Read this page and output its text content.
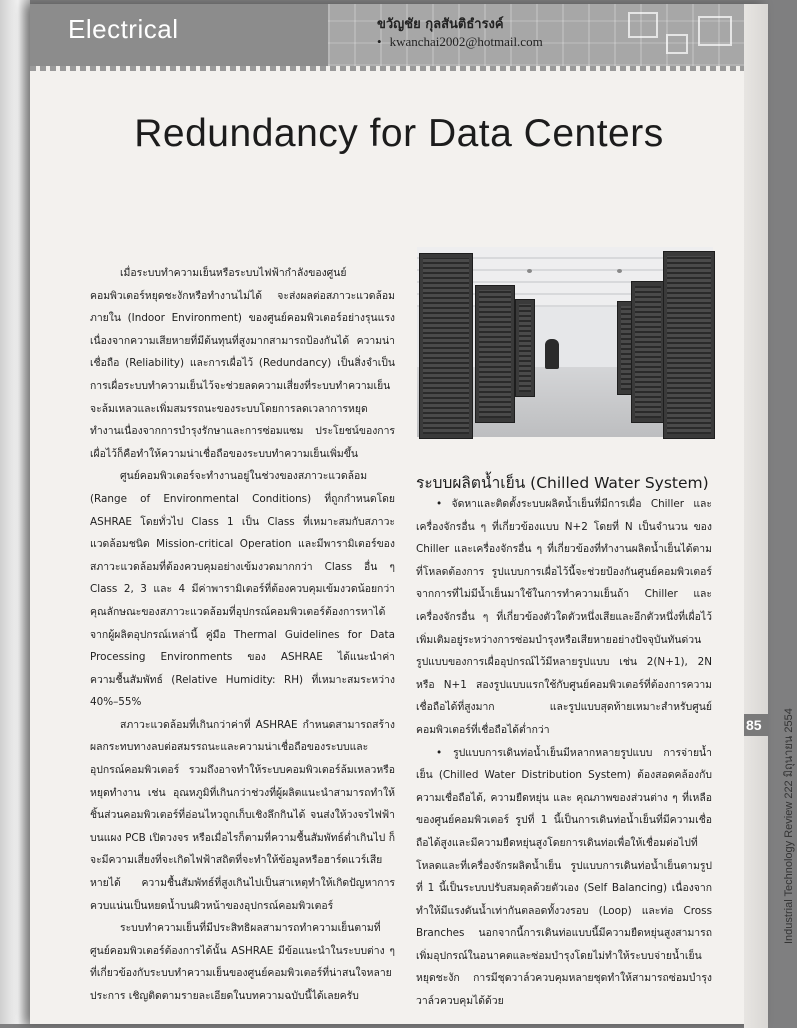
Electrical	ขวัญชัย กุลสันติธำรงค์
• kwanchai2002@hotmail.com
Redundancy for Data Centers

เมื่อระบบทำความเย็นหรือระบบไฟฟ้ากำลังของศูนย์คอมพิวเตอร์หยุดชะงักหรือทำงานไม่ได้ จะส่งผลต่อสภาวะแวดล้อมภายใน (Indoor Environment) ของศูนย์คอมพิวเตอร์อย่างรุนแรง เนื่องจากความเสียหายที่มีต้นทุนที่สูงมากสามารถป้องกันได้ ความน่าเชื่อถือ (Reliability) และการเผื่อไว้ (Redundancy) เป็นสิ่งจำเป็น การเผื่อระบบทำความเย็นไว้จะช่วยลดความเสี่ยงที่ระบบทำความเย็นจะล้มเหลวและเพิ่มสมรรถนะของระบบโดยการลดเวลาการหยุดทำงานเนื่องจากการบำรุงรักษาและการซ่อมแซม ประโยชน์ของการเผื่อไว้ก็คือทำให้ความน่าเชื่อถือของระบบทำความเย็นเพิ่มขึ้น

ศูนย์คอมพิวเตอร์จะทำงานอยู่ในช่วงของสภาวะแวดล้อม (Range of Environmental Conditions) ที่ถูกกำหนดโดย ASHRAE โดยทั่วไป Class 1 เป็น Class ที่เหมาะสมกับสภาวะแวดล้อมชนิด Mission-critical Operation และมีพารามิเตอร์ของสภาวะแวดล้อมที่ต้องควบคุมอย่างเข้มงวดมากกว่า Class อื่น ๆ Class 2, 3 และ 4 มีค่าพารามิเตอร์ที่ต้องควบคุมเข้มงวดน้อยกว่า คุณลักษณะของสภาวะแวดล้อมที่อุปกรณ์คอมพิวเตอร์ต้องการหาได้จากผู้ผลิตอุปกรณ์เหล่านี้ คู่มือ Thermal Guidelines for Data Processing Environments ของ ASHRAE ได้แนะนำค่าความชื้นสัมพัทธ์ (Relative Humidity: RH) ที่เหมาะสมระหว่าง 40%–55%

สภาวะแวดล้อมที่เกินกว่าค่าที่ ASHRAE กำหนดสามารถสร้างผลกระทบทางลบต่อสมรรถนะและความน่าเชื่อถือของระบบและอุปกรณ์คอมพิวเตอร์ รวมถึงอาจทำให้ระบบคอมพิวเตอร์ล้มเหลวหรือหยุดทำงาน เช่น อุณหภูมิที่เกินกว่าช่วงที่ผู้ผลิตแนะนำสามารถทำให้ชิ้นส่วนคอมพิวเตอร์ที่อ่อนไหวถูกเก็บเชิงลึกกินได้ จนส่งให้วงจรไฟฟ้าบนแผง PCB เปิดวงจร หรือเมื่อไรก็ตามที่ความชื้นสัมพัทธ์ต่ำเกินไป ก็จะมีความเสี่ยงที่จะเกิดไฟฟ้าสถิตที่จะทำให้ข้อมูลหรือฮาร์ดแวร์เสียหายได้ ความชื้นสัมพัทธ์ที่สูงเกินไปเป็นสาเหตุทำให้เกิดปัญหาการควบแน่นเป็นหยดน้ำบนผิวหน้าของอุปกรณ์คอมพิวเตอร์

ระบบทำความเย็นที่มีประสิทธิผลสามารถทำความเย็นตามที่ศูนย์คอมพิวเตอร์ต้องการได้นั้น ASHRAE มีข้อแนะนำในระบบต่าง ๆ ที่เกี่ยวข้องกับระบบทำความเย็นของศูนย์คอมพิวเตอร์ที่น่าสนใจหลายประการ เชิญติดตามรายละเอียดในบทความฉบับนี้ได้เลยครับ

ระบบผลิตน้ำเย็น (Chilled Water System)

• จัดหาและติดตั้งระบบผลิตน้ำเย็นที่มีการเผื่อ Chiller และเครื่องจักรอื่น ๆ ที่เกี่ยวข้องแบบ N+2 โดยที่ N เป็นจำนวน ของ Chiller และเครื่องจักรอื่น ๆ ที่เกี่ยวข้องที่ทำงานผลิตน้ำเย็นได้ตามที่โหลดต้องการ รูปแบบการเผื่อไว้นี้จะช่วยป้องกันศูนย์คอมพิวเตอร์จากการที่ไม่มีน้ำเย็นมาใช้ในการทำความเย็นถ้า Chiller และเครื่องจักรอื่น ๆ ที่เกี่ยวข้องตัวใดตัวหนึ่งเสียและอีกตัวหนึ่งที่เผื่อไว้เพิ่มเติมอยู่ระหว่างการซ่อมบำรุงหรือเสียหายอย่างปัจจุบันทันด่วน รูปแบบของการเผื่ออุปกรณ์ไว้มีหลายรูปแบบ เช่น 2(N+1), 2N หรือ N+1 สองรูปแบบแรกใช้กับศูนย์คอมพิวเตอร์ที่ต้องการความเชื่อถือได้ที่สูงมาก และรูปแบบสุดท้ายเหมาะสำหรับศูนย์คอมพิวเตอร์ที่เชื่อถือได้ต่ำกว่า

• รูปแบบการเดินท่อน้ำเย็นมีหลากหลายรูปแบบ การจ่ายน้ำเย็น (Chilled Water Distribution System) ต้องสอดคล้องกับความเชื่อถือได้, ความยืดหยุ่น และ คุณภาพของส่วนต่าง ๆ ที่เหลือของศูนย์คอมพิวเตอร์ รูปที่ 1 นี้เป็นการเดินท่อน้ำเย็นที่มีความเชื่อถือได้สูงและมีความยืดหยุ่นสูงโดยการเดินท่อเพื่อให้เชื่อมต่อไปที่โหลดและที่เครื่องจักรผลิตน้ำเย็น รูปแบบการเดินท่อน้ำเย็นตามรูปที่ 1 นี้เป็นระบบปรับสมดุลด้วยตัวเอง (Self Balancing) เนื่องจากทำให้มีแรงดันน้ำเท่ากันตลอดทั้งวงรอบ (Loop) และท่อ Cross Branches นอกจากนี้การเดินท่อแบบนี้มีความยืดหยุ่นสูงสามารถเพิ่มอุปกรณ์ในอนาคตและซ่อมบำรุงโดยไม่ทำให้ระบบจ่ายน้ำเย็นหยุดชะงัก การมีชุดวาล์วควบคุมหลายชุดทำให้สามารถซ่อมบำรุงวาล์วควบคุมได้ด้วย

85	Industrial Technology Review 222 มิถุนายน 2554
